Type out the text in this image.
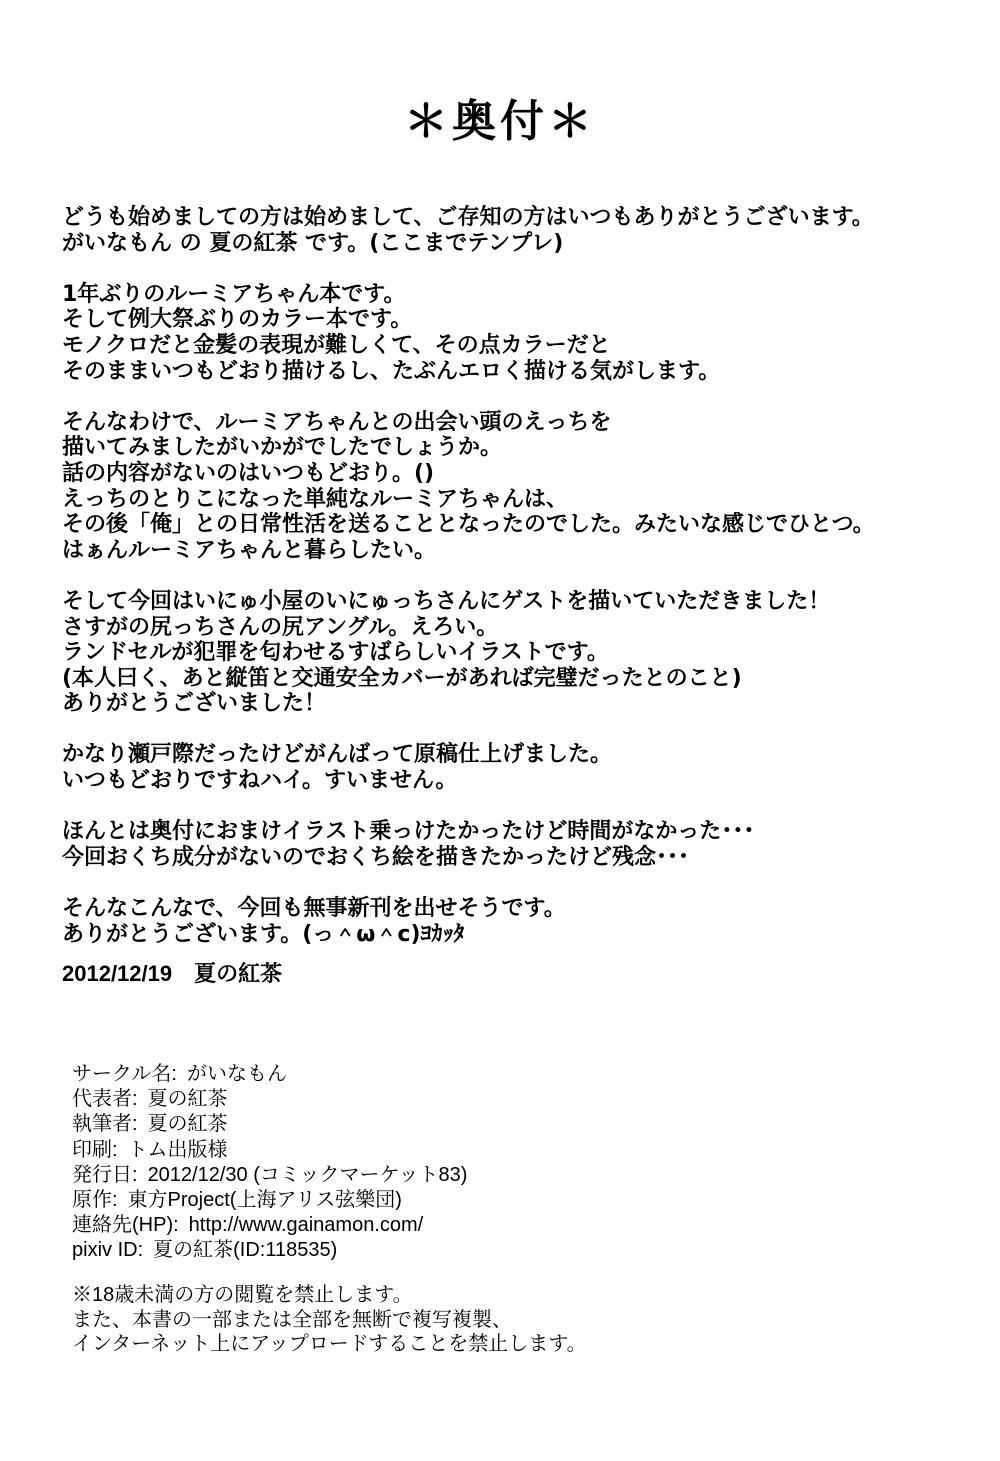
＊奥付＊
どうも始めましての方は始めまして、ご存知の方はいつもありがとうございます。
がいなもん の 夏の紅茶 です。(ここまでテンプレ)
1年ぶりのルーミアちゃん本です。
そして例大祭ぶりのカラー本です。
モノクロだと金髪の表現が難しくて、その点カラーだと
そのままいつもどおり描けるし、たぶんエロく描ける気がします。
そんなわけで、ルーミアちゃんとの出会い頭のえっちを
描いてみましたがいかがでしたでしょうか。
話の内容がないのはいつもどおり。()
えっちのとりこになった単純なルーミアちゃんは、
その後「俺」との日常性活を送ることとなったのでした。みたいな感じでひとつ。
はぁんルーミアちゃんと暮らしたい。
そして今回はいにゅ小屋のいにゅっちさんにゲストを描いていただきました！
さすがの尻っちさんの尻アングル。えろい。
ランドセルが犯罪を匂わせるすばらしいイラストです。
(本人曰く、あと縦笛と交通安全カバーがあれば完璧だったとのこと)
ありがとうございました！
かなり瀬戸際だったけどがんばって原稿仕上げました。
いつもどおりですねハイ。すいません。
ほんとは奥付におまけイラスト乗っけたかったけど時間がなかった･･･
今回おくち成分がないのでおくち絵を描きたかったけど残念･･･
そんなこんなで、今回も無事新刊を出せそうです。
ありがとうございます。(っ＾ω＾c)ﾖｶｯﾀ
2012/12/19 夏の紅茶
サークル名: がいなもん
代表者: 夏の紅茶
執筆者: 夏の紅茶
印刷: トム出版様
発行日: 2012/12/30 (コミックマーケット83)
原作: 東方Project(上海アリス弦樂団)
連絡先(HP): http://www.gainamon.com/
pixiv ID: 夏の紅茶(ID:118535)
※18歳未満の方の閲覧を禁止します。
また、本書の一部または全部を無断で複写複製、
インターネット上にアップロードすることを禁止します。
